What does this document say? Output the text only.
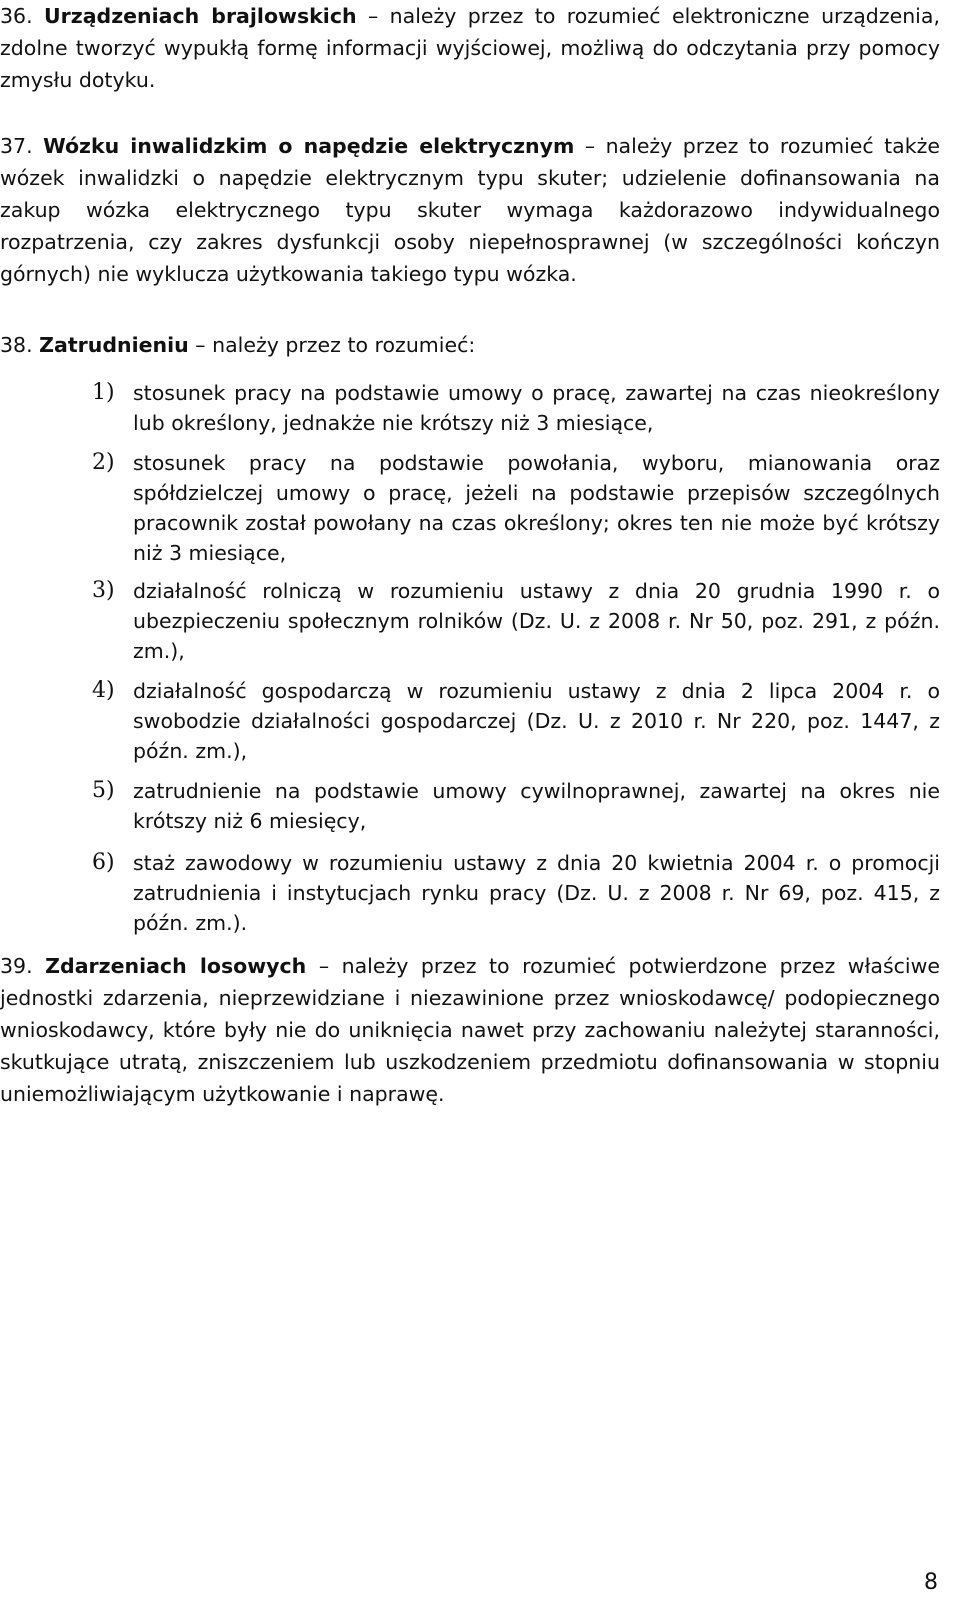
36. Urządzeniach brajlowskich – należy przez to rozumieć elektroniczne urządzenia, zdolne tworzyć wypukłą formę informacji wyjściowej, możliwą do odczytania przy pomocy zmysłu dotyku.

37. Wózku inwalidzkim o napędzie elektrycznym – należy przez to rozumieć także wózek inwalidzki o napędzie elektrycznym typu skuter; udzielenie dofinansowania na zakup wózka elektrycznego typu skuter wymaga każdorazowo indywidualnego rozpatrzenia, czy zakres dysfunkcji osoby niepełnosprawnej (w szczególności kończyn górnych) nie wyklucza użytkowania takiego typu wózka.

38. Zatrudnieniu – należy przez to rozumieć:

1) stosunek pracy na podstawie umowy o pracę, zawartej na czas nieokreślony lub określony, jednakże nie krótszy niż 3 miesiące,
2) stosunek pracy na podstawie powołania, wyboru, mianowania oraz spółdzielczej umowy o pracę, jeżeli na podstawie przepisów szczególnych pracownik został powołany na czas określony; okres ten nie może być krótszy niż 3 miesiące,
3) działalność rolniczą w rozumieniu ustawy z dnia 20 grudnia 1990 r. o ubezpieczeniu społecznym rolników (Dz. U. z 2008 r. Nr 50, poz. 291, z późn. zm.),
4) działalność gospodarczą w rozumieniu ustawy z dnia 2 lipca 2004 r. o swobodzie działalności gospodarczej (Dz. U. z 2010 r. Nr 220, poz. 1447, z późn. zm.),
5) zatrudnienie na podstawie umowy cywilnoprawnej, zawartej na okres nie krótszy niż 6 miesięcy,
6) staż zawodowy w rozumieniu ustawy z dnia 20 kwietnia 2004 r. o promocji zatrudnienia i instytucjach rynku pracy (Dz. U. z 2008 r. Nr 69, poz. 415, z późn. zm.).

39. Zdarzeniach losowych – należy przez to rozumieć potwierdzone przez właściwe jednostki zdarzenia, nieprzewidziane i niezawinione przez wnioskodawcę/ podopiecznego wnioskodawcy, które były nie do uniknięcia nawet przy zachowaniu należytej staranności, skutkujące utratą, zniszczeniem lub uszkodzeniem przedmiotu dofinansowania w stopniu uniemożliwiającym użytkowanie i naprawę.

8
